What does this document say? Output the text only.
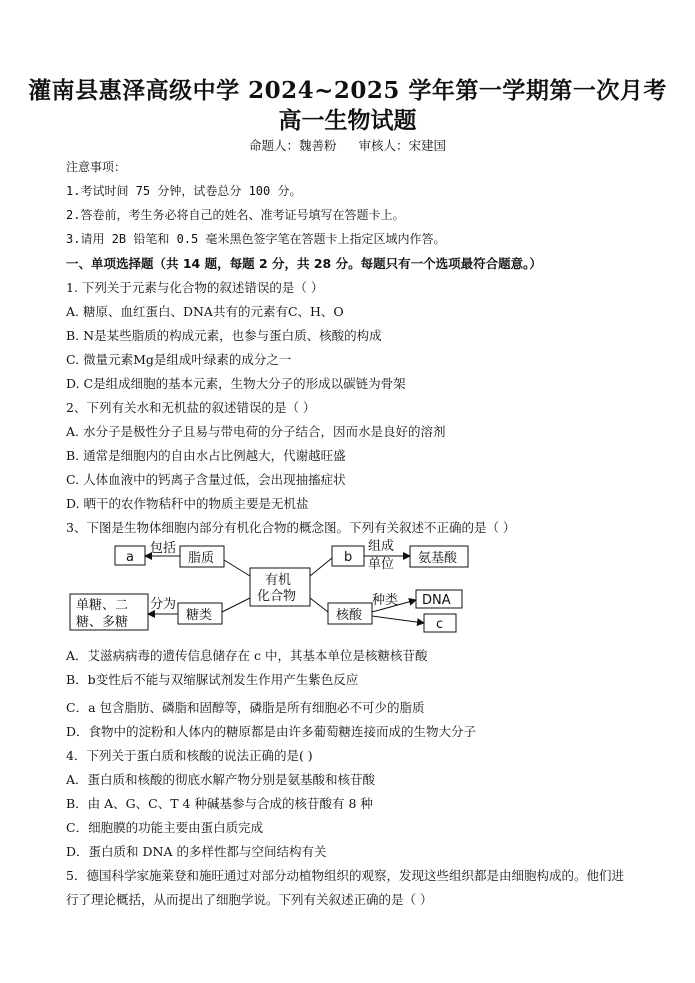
灌南县惠泽高级中学 2024~2025 学年第一学期第一次月考
高一生物试题
命题人：魏善粉 审核人：宋建国
注意事项：
1.考试时间 75 分钟，试卷总分 100 分。
2.答卷前，考生务必将自己的姓名、准考证号填写在答题卡上。
3.请用 2B 铅笔和 0.5 毫米黑色签字笔在答题卡上指定区域内作答。
一、单项选择题（共 14 题，每题 2 分，共 28 分。每题只有一个选项最符合题意。）
1. 下列关于元素与化合物的叙述错误的是（ ）
A. 糖原、血红蛋白、DNA共有的元素有C、H、O
B. N是某些脂质的构成元素，也参与蛋白质、核酸的构成
C. 微量元素Mg是组成叶绿素的成分之一
D. C是组成细胞的基本元素，生物大分子的形成以碳链为骨架
2、下列有关水和无机盐的叙述错误的是（ ）
A. 水分子是极性分子且易与带电荷的分子结合，因而水是良好的溶剂
B. 通常是细胞内的自由水占比例越大，代谢越旺盛
C. 人体血液中的钙离子含量过低，会出现抽搐症状
D. 晒干的农作物秸秆中的物质主要是无机盐
3、下图是生物体细胞内部分有机化合物的概念图。下列有关叙述不正确的是（ ）
a
包括
脂质
有机
化合物
b
组成
单位 氨基酸
单糖、二
糖、多糖
分为
糖类	核酸
种类 DNA
c
A．艾滋病病毒的遗传信息储存在 c 中，其基本单位是核糖核苷酸
B．b变性后不能与双缩脲试剂发生作用产生紫色反应
C．a 包含脂肪、磷脂和固醇等，磷脂是所有细胞必不可少的脂质
D．食物中的淀粉和人体内的糖原都是由许多葡萄糖连接而成的生物大分子
4．下列关于蛋白质和核酸的说法正确的是( )
A．蛋白质和核酸的彻底水解产物分别是氨基酸和核苷酸
B．由 A、G、C、T 4 种碱基参与合成的核苷酸有 8 种
C．细胞膜的功能主要由蛋白质完成
D．蛋白质和 DNA 的多样性都与空间结构有关
5．德国科学家施莱登和施旺通过对部分动植物组织的观察，发现这些组织都是由细胞构成的。他们进行了理论概括，从而提出了细胞学说。下列有关叙述正确的是（ ）
